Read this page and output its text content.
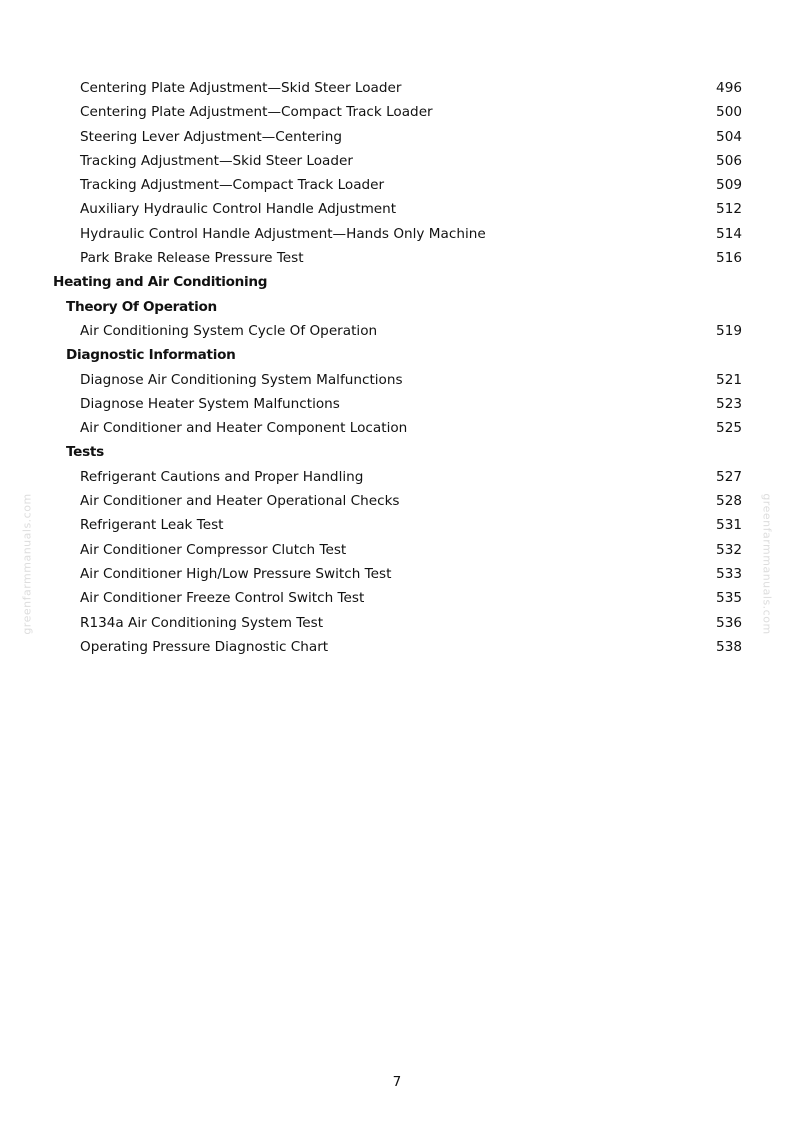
Centering Plate Adjustment—Skid Steer Loader	496
Centering Plate Adjustment—Compact Track Loader	500
Steering Lever Adjustment—Centering	504
Tracking Adjustment—Skid Steer Loader	506
Tracking Adjustment—Compact Track Loader	509
Auxiliary Hydraulic Control Handle Adjustment	512
Hydraulic Control Handle Adjustment—Hands Only Machine	514
Park Brake Release Pressure Test	516
Heating and Air Conditioning
Theory Of Operation
Air Conditioning System Cycle Of Operation	519
Diagnostic Information
Diagnose Air Conditioning System Malfunctions	521
Diagnose Heater System Malfunctions	523
Air Conditioner and Heater Component Location	525
Tests
Refrigerant Cautions and Proper Handling	527
Air Conditioner and Heater Operational Checks	528
Refrigerant Leak Test	531
Air Conditioner Compressor Clutch Test	532
Air Conditioner High/Low Pressure Switch Test	533
Air Conditioner Freeze Control Switch Test	535
R134a Air Conditioning System Test	536
Operating Pressure Diagnostic Chart	538
greenfarmmanuals.com	greenfarmmanuals.com
7
